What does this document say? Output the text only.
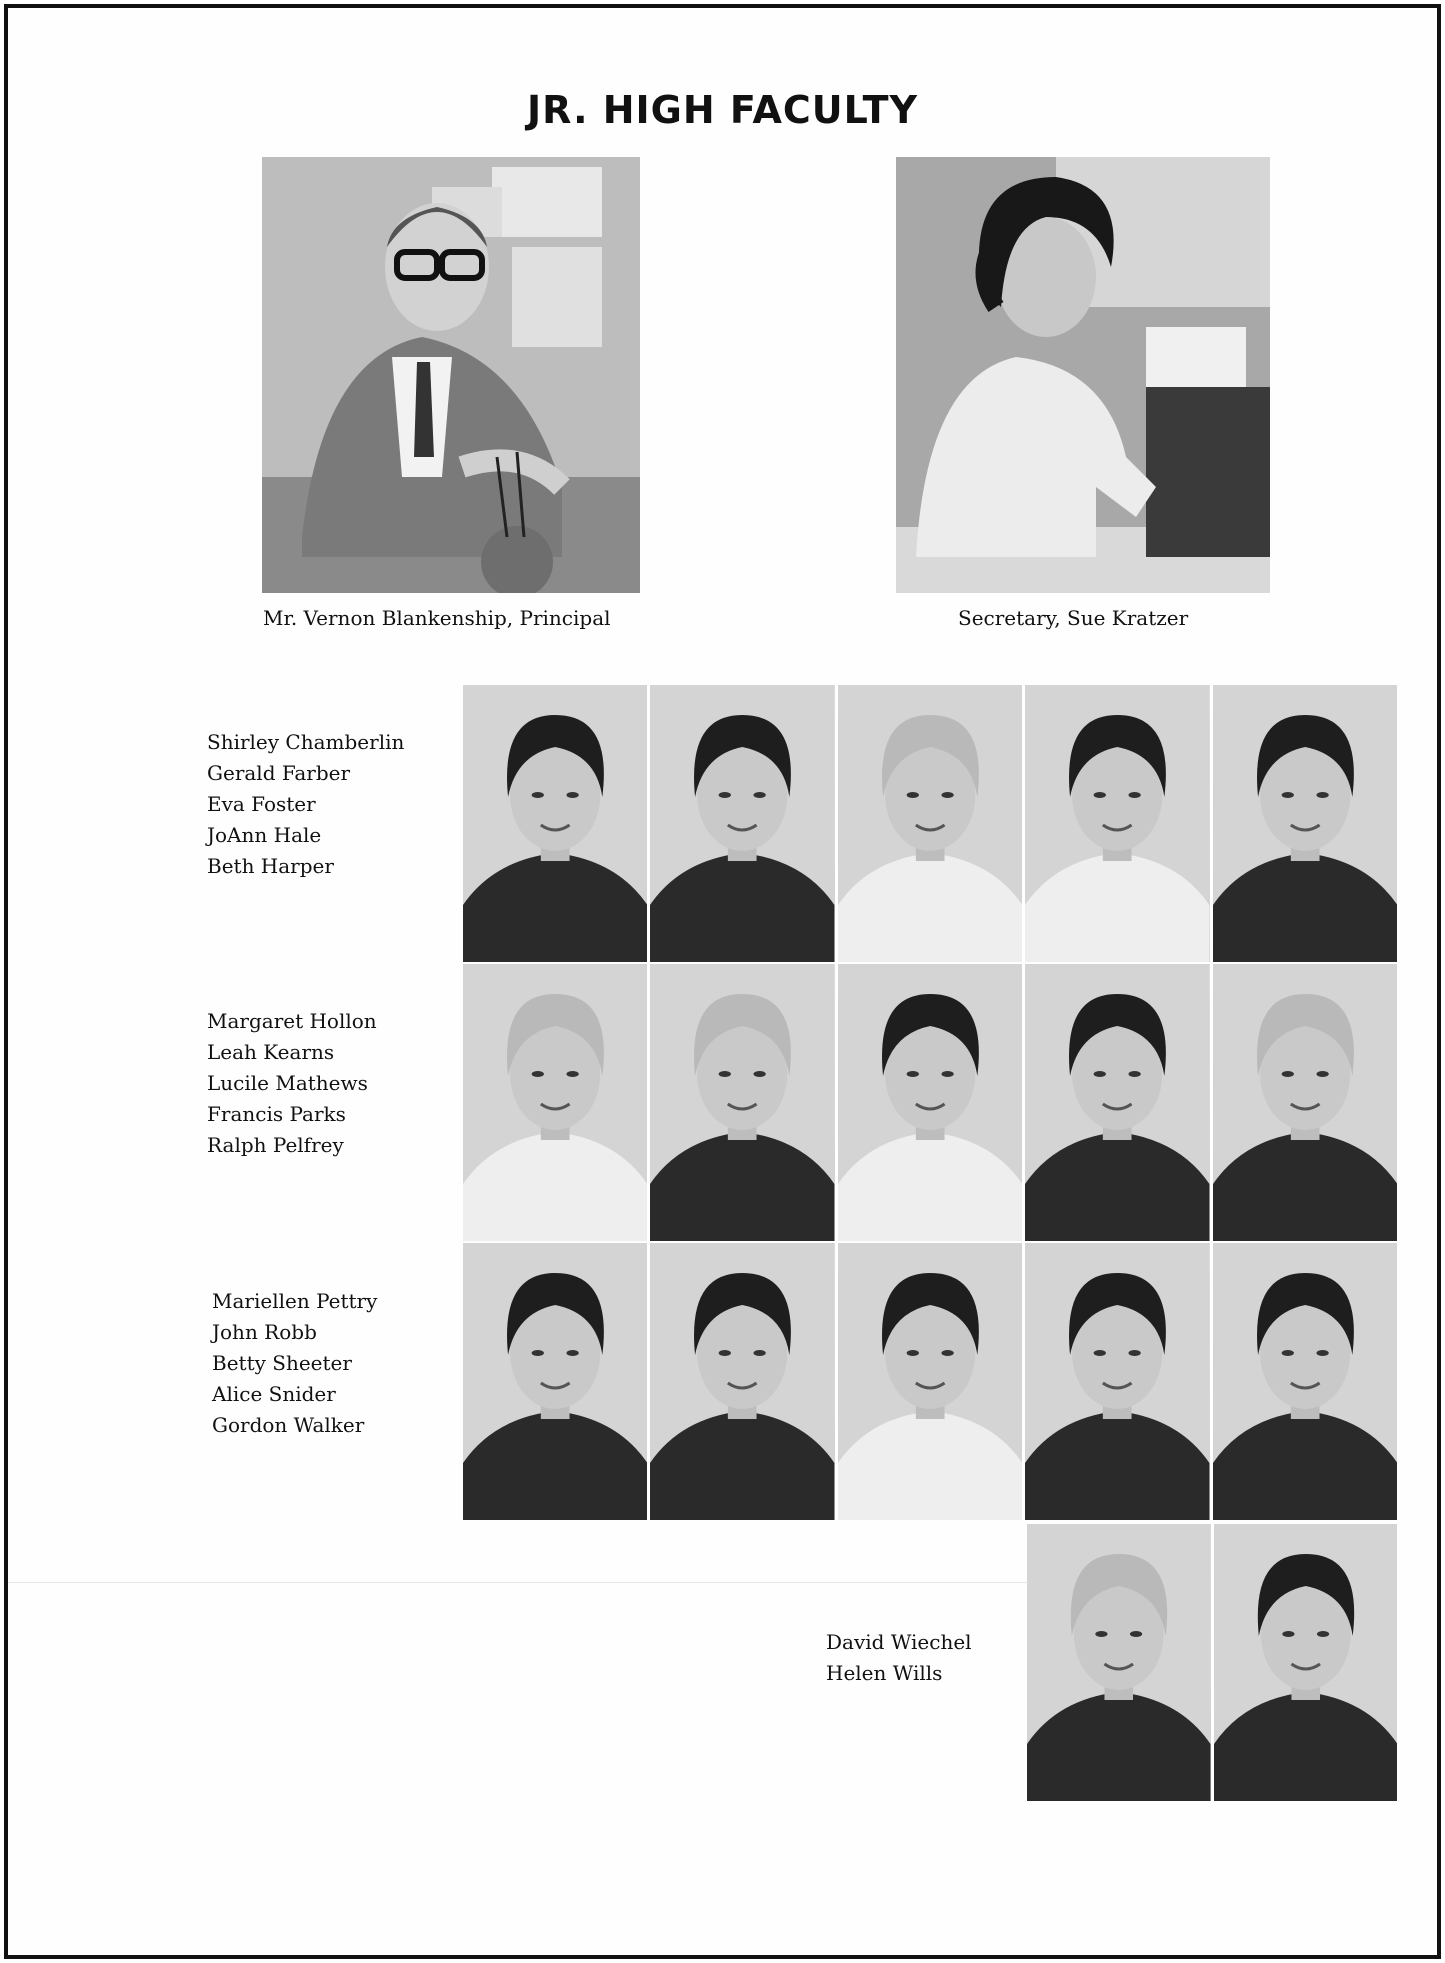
JR. HIGH FACULTY
Mr. Vernon Blankenship, Principal	Secretary, Sue Kratzer
Shirley Chamberlin
Gerald Farber
Eva Foster
JoAnn Hale
Beth Harper
Margaret Hollon
Leah Kearns
Lucile Mathews
Francis Parks
Ralph Pelfrey
Mariellen Pettry
John Robb
Betty Sheeter
Alice Snider
Gordon Walker
David Wiechel
Helen Wills
